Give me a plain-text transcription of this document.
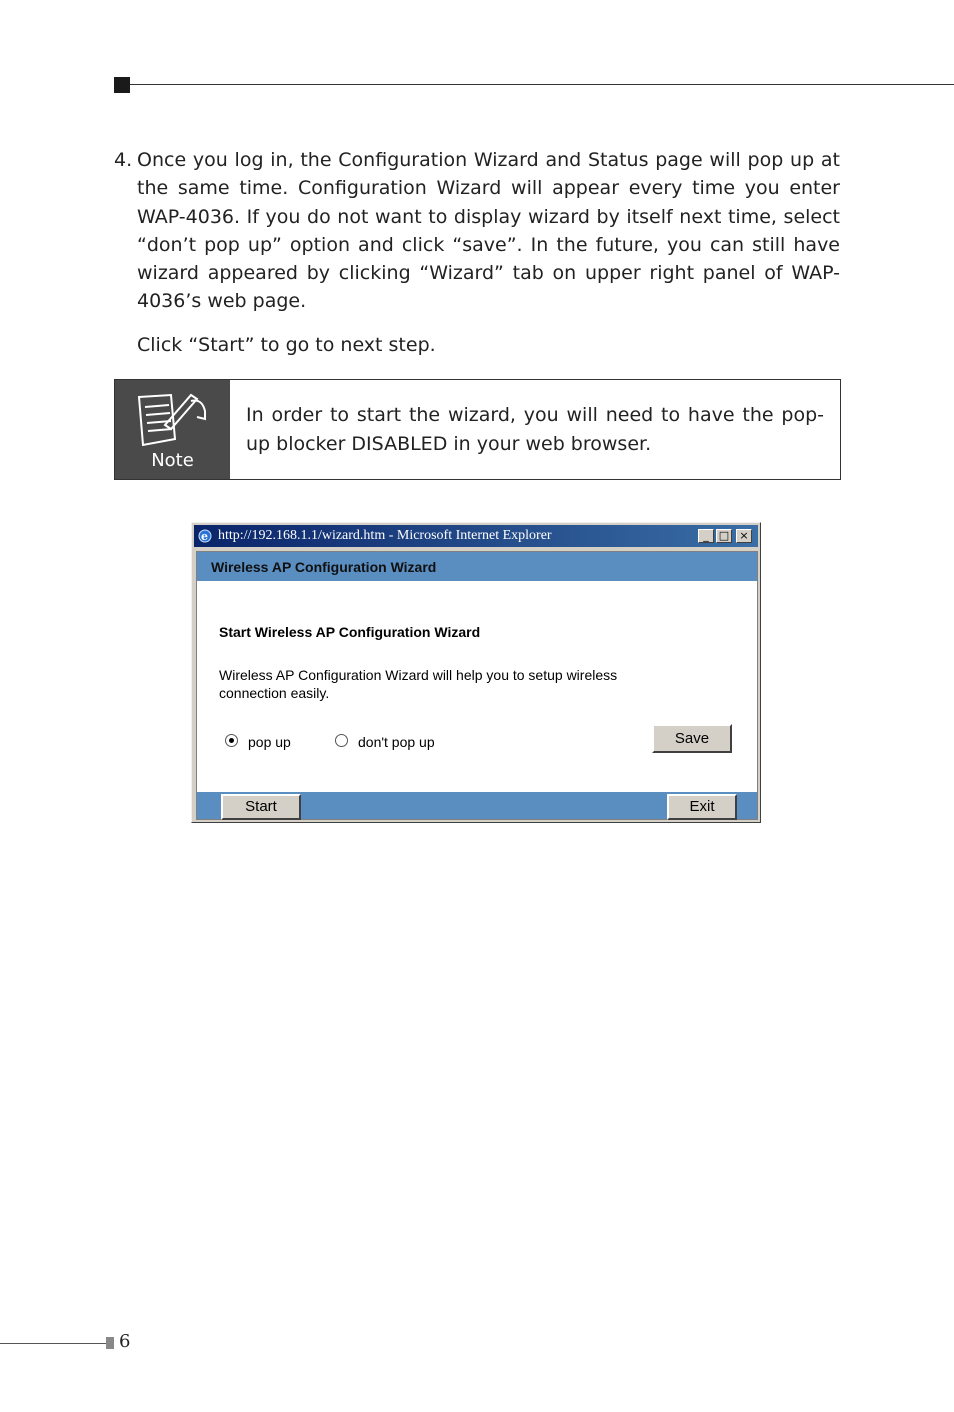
4. Once you log in, the Configuration Wizard and Status page will pop up at the same time. Configuration Wizard will appear every time you enter WAP-4036. If you do not want to display wizard by itself next time, select “don’t pop up” option and click “save”. In the future, you can still have wizard appeared by clicking “Wizard” tab on upper right panel of WAP-4036’s web page.
Click “Start” to go to next step.
Note
In order to start the wizard, you will need to have the pop-up blocker DISABLED in your web browser.
e http://192.168.1.1/wizard.htm - Microsoft Internet Explorer	_ □ ×
Wireless AP Configuration Wizard
Start Wireless AP Configuration Wizard
Wireless AP Configuration Wizard will help you to setup wireless connection easily.
pop up	don't pop up	Save
Start	Exit
6
